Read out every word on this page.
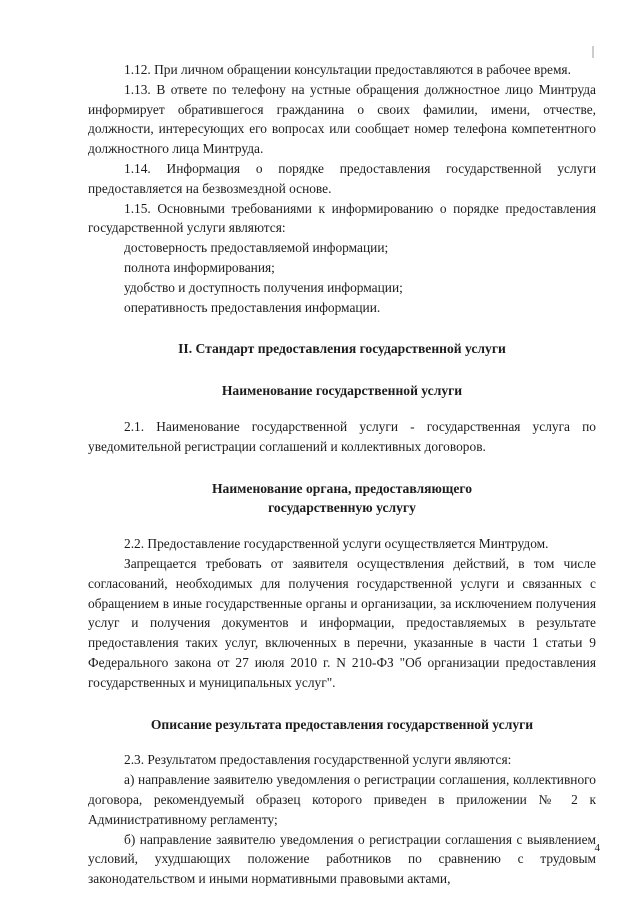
1.12. При личном обращении консультации предоставляются в рабочее время.

1.13. В ответе по телефону на устные обращения должностное лицо Минтруда информирует обратившегося гражданина о своих фамилии, имени, отчестве, должности, интересующих его вопросах или сообщает номер телефона компетентного должностного лица Минтруда.

1.14. Информация о порядке предоставления государственной услуги предоставляется на безвозмездной основе.

1.15. Основными требованиями к информированию о порядке предоставления государственной услуги являются:

достоверность предоставляемой информации;

полнота информирования;

удобство и доступность получения информации;

оперативность предоставления информации.

II. Стандарт предоставления государственной услуги
Наименование государственной услуги

2.1. Наименование государственной услуги - государственная услуга по уведомительной регистрации соглашений и коллективных договоров.

Наименование органа, предоставляющего
государственную услугу

2.2. Предоставление государственной услуги осуществляется Минтрудом.

Запрещается требовать от заявителя осуществления действий, в том числе согласований, необходимых для получения государственной услуги и связанных с обращением в иные государственные органы и организации, за исключением получения услуг и получения документов и информации, предоставляемых в результате предоставления таких услуг, включенных в перечни, указанные в части 1 статьи 9 Федерального закона от 27 июля 2010 г. N 210-ФЗ "Об организации предоставления государственных и муниципальных услуг".

Описание результата предоставления государственной услуги

2.3. Результатом предоставления государственной услуги являются:

а) направление заявителю уведомления о регистрации соглашения, коллективного договора, рекомендуемый образец которого приведен в приложении № 2 к Административному регламенту;

б) направление заявителю уведомления о регистрации соглашения с выявлением условий, ухудшающих положение работников по сравнению с трудовым законодательством и иными нормативными правовыми актами,

4
